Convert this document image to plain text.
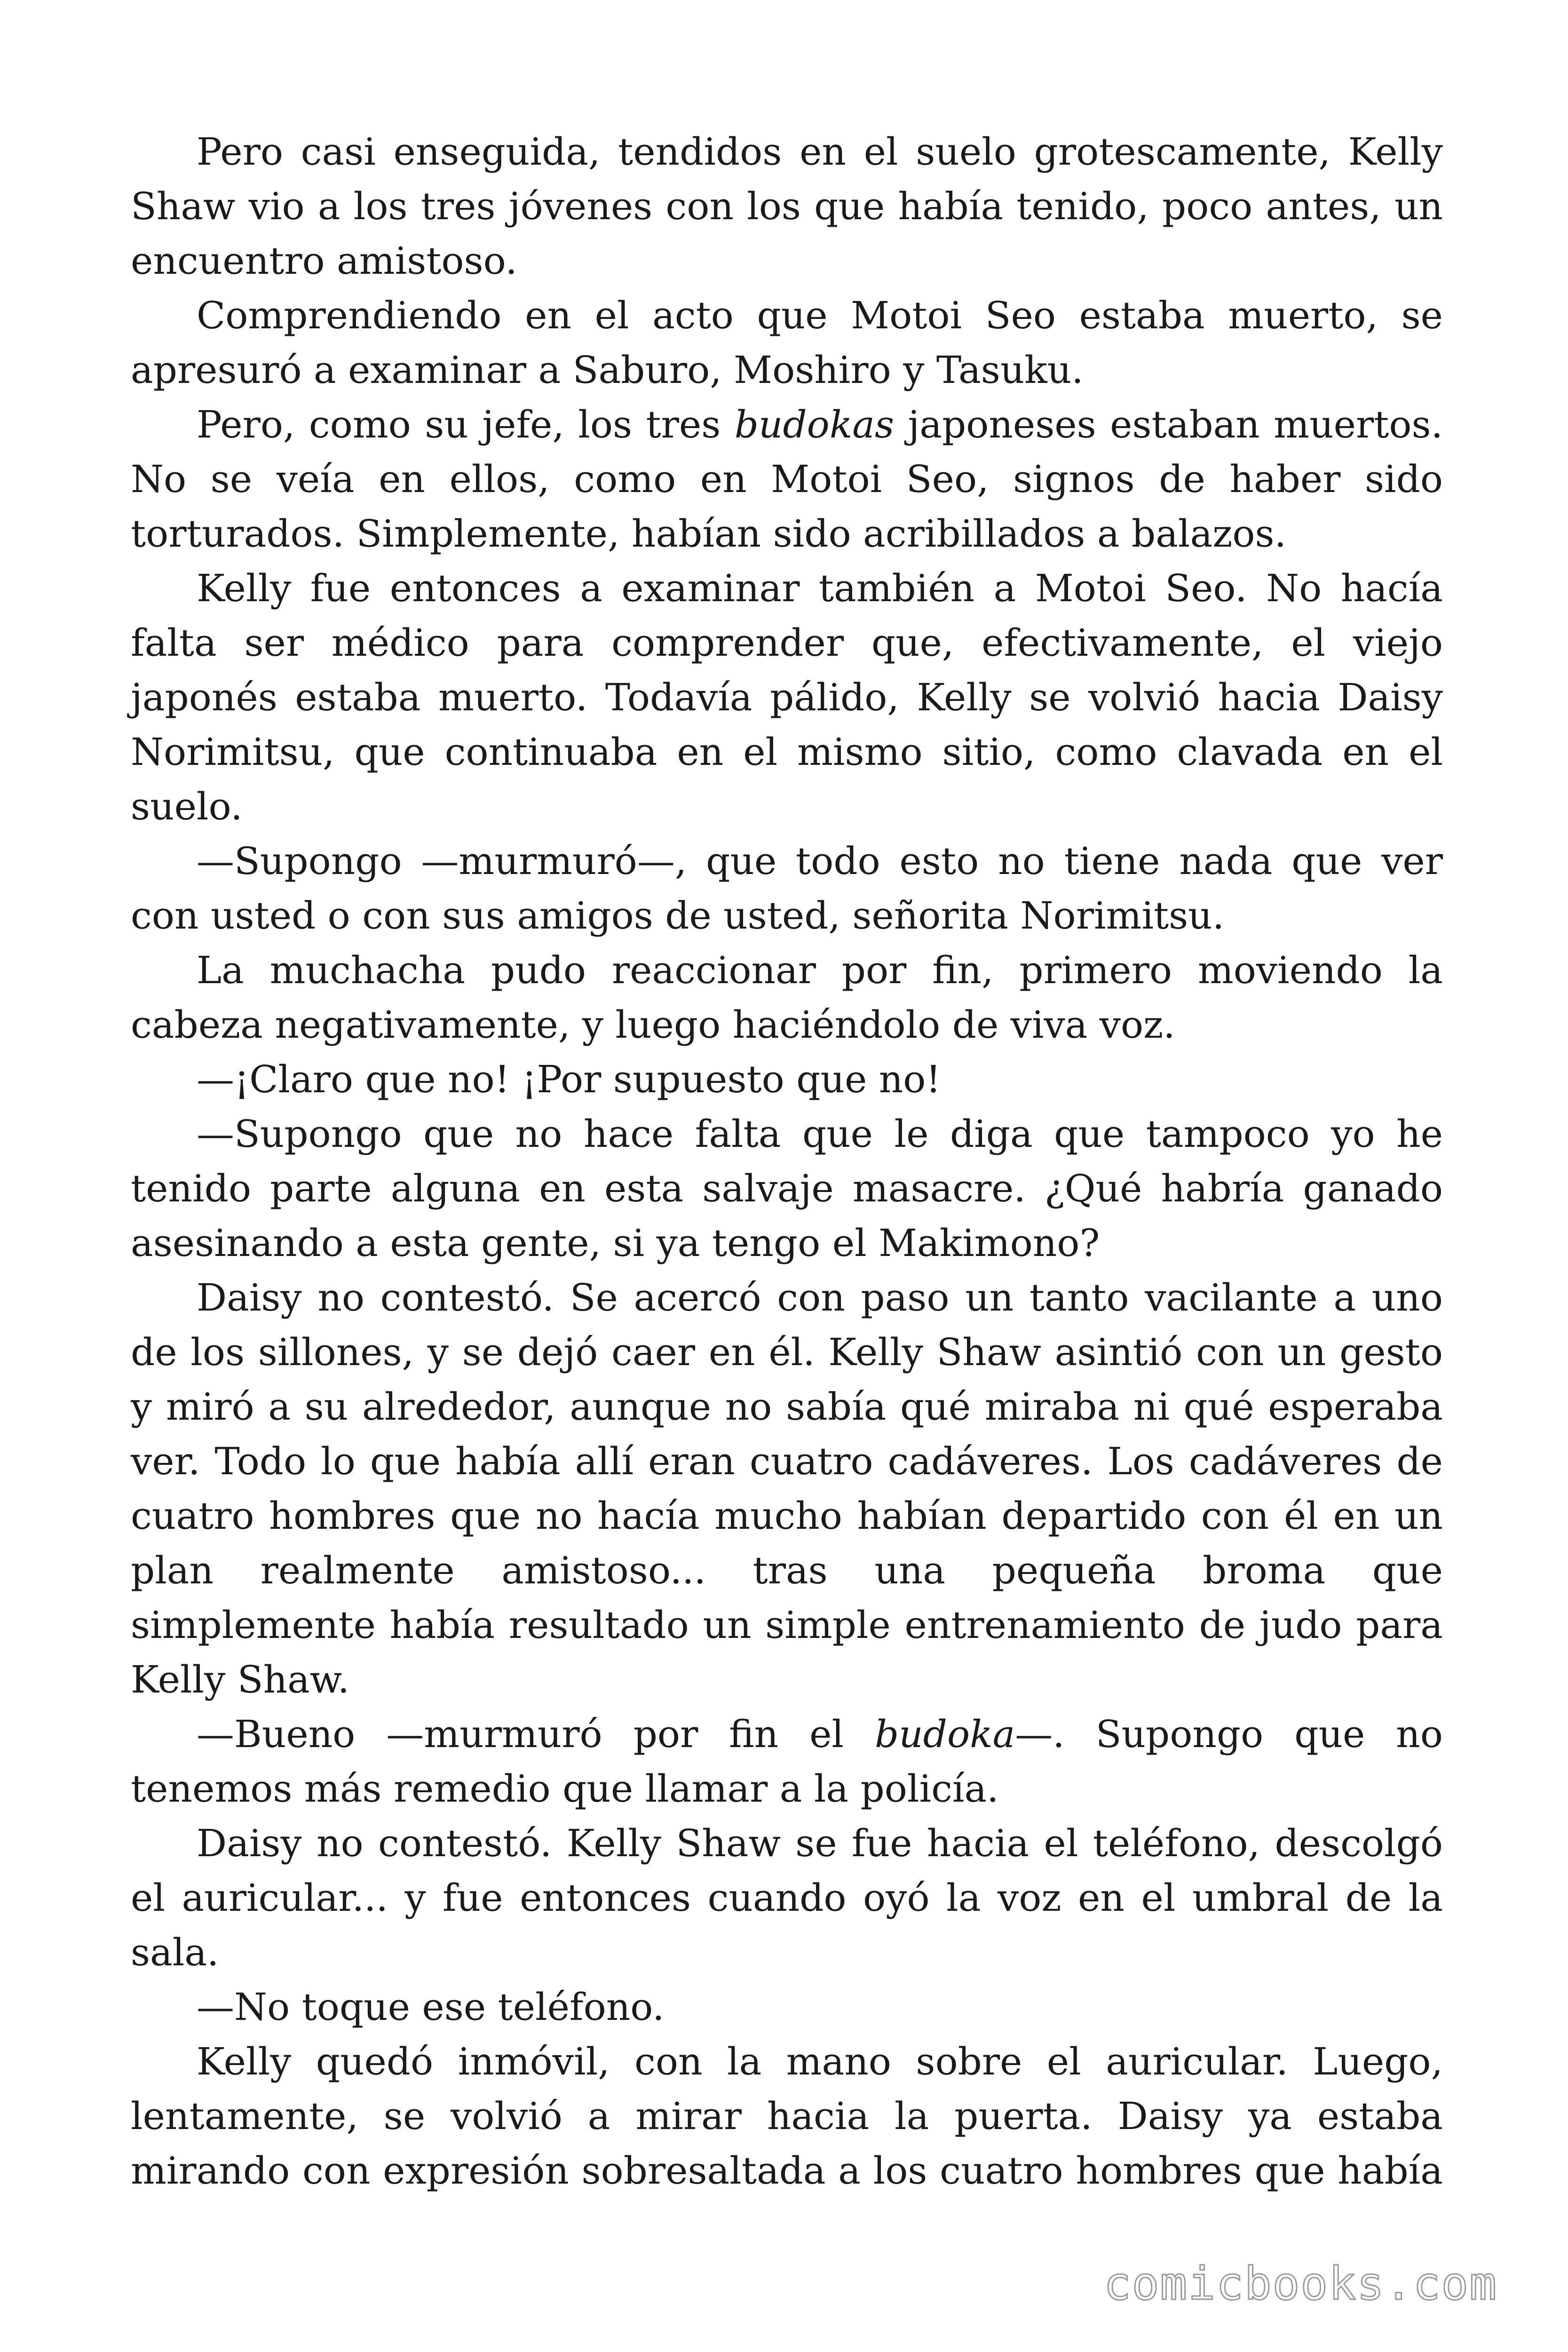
Pero casi enseguida, tendidos en el suelo grotescamente, Kelly Shaw vio a los tres jóvenes con los que había tenido, poco antes, un encuentro amistoso.

Comprendiendo en el acto que Motoi Seo estaba muerto, se apresuró a examinar a Saburo, Moshiro y Tasuku.

Pero, como su jefe, los tres budokas japoneses estaban muertos. No se veía en ellos, como en Motoi Seo, signos de haber sido torturados. Simplemente, habían sido acribillados a balazos.

Kelly fue entonces a examinar también a Motoi Seo. No hacía falta ser médico para comprender que, efectivamente, el viejo japonés estaba muerto. Todavía pálido, Kelly se volvió hacia Daisy Norimitsu, que continuaba en el mismo sitio, como clavada en el suelo.

—Supongo —murmuró—, que todo esto no tiene nada que ver con usted o con sus amigos de usted, señorita Norimitsu.

La muchacha pudo reaccionar por fin, primero moviendo la cabeza negativamente, y luego haciéndolo de viva voz.

—¡Claro que no! ¡Por supuesto que no!

—Supongo que no hace falta que le diga que tampoco yo he tenido parte alguna en esta salvaje masacre. ¿Qué habría ganado asesinando a esta gente, si ya tengo el Makimono?

Daisy no contestó. Se acercó con paso un tanto vacilante a uno de los sillones, y se dejó caer en él. Kelly Shaw asintió con un gesto y miró a su alrededor, aunque no sabía qué miraba ni qué esperaba ver. Todo lo que había allí eran cuatro cadáveres. Los cadáveres de cuatro hombres que no hacía mucho habían departido con él en un plan realmente amistoso... tras una pequeña broma que simplemente había resultado un simple entrenamiento de judo para Kelly Shaw.

—Bueno —murmuró por fin el budoka—. Supongo que no tenemos más remedio que llamar a la policía.

Daisy no contestó. Kelly Shaw se fue hacia el teléfono, descolgó el auricular... y fue entonces cuando oyó la voz en el umbral de la sala.

—No toque ese teléfono.

Kelly quedó inmóvil, con la mano sobre el auricular. Luego, lentamente, se volvió a mirar hacia la puerta. Daisy ya estaba mirando con expresión sobresaltada a los cuatro hombres que había

comicbooks.com
